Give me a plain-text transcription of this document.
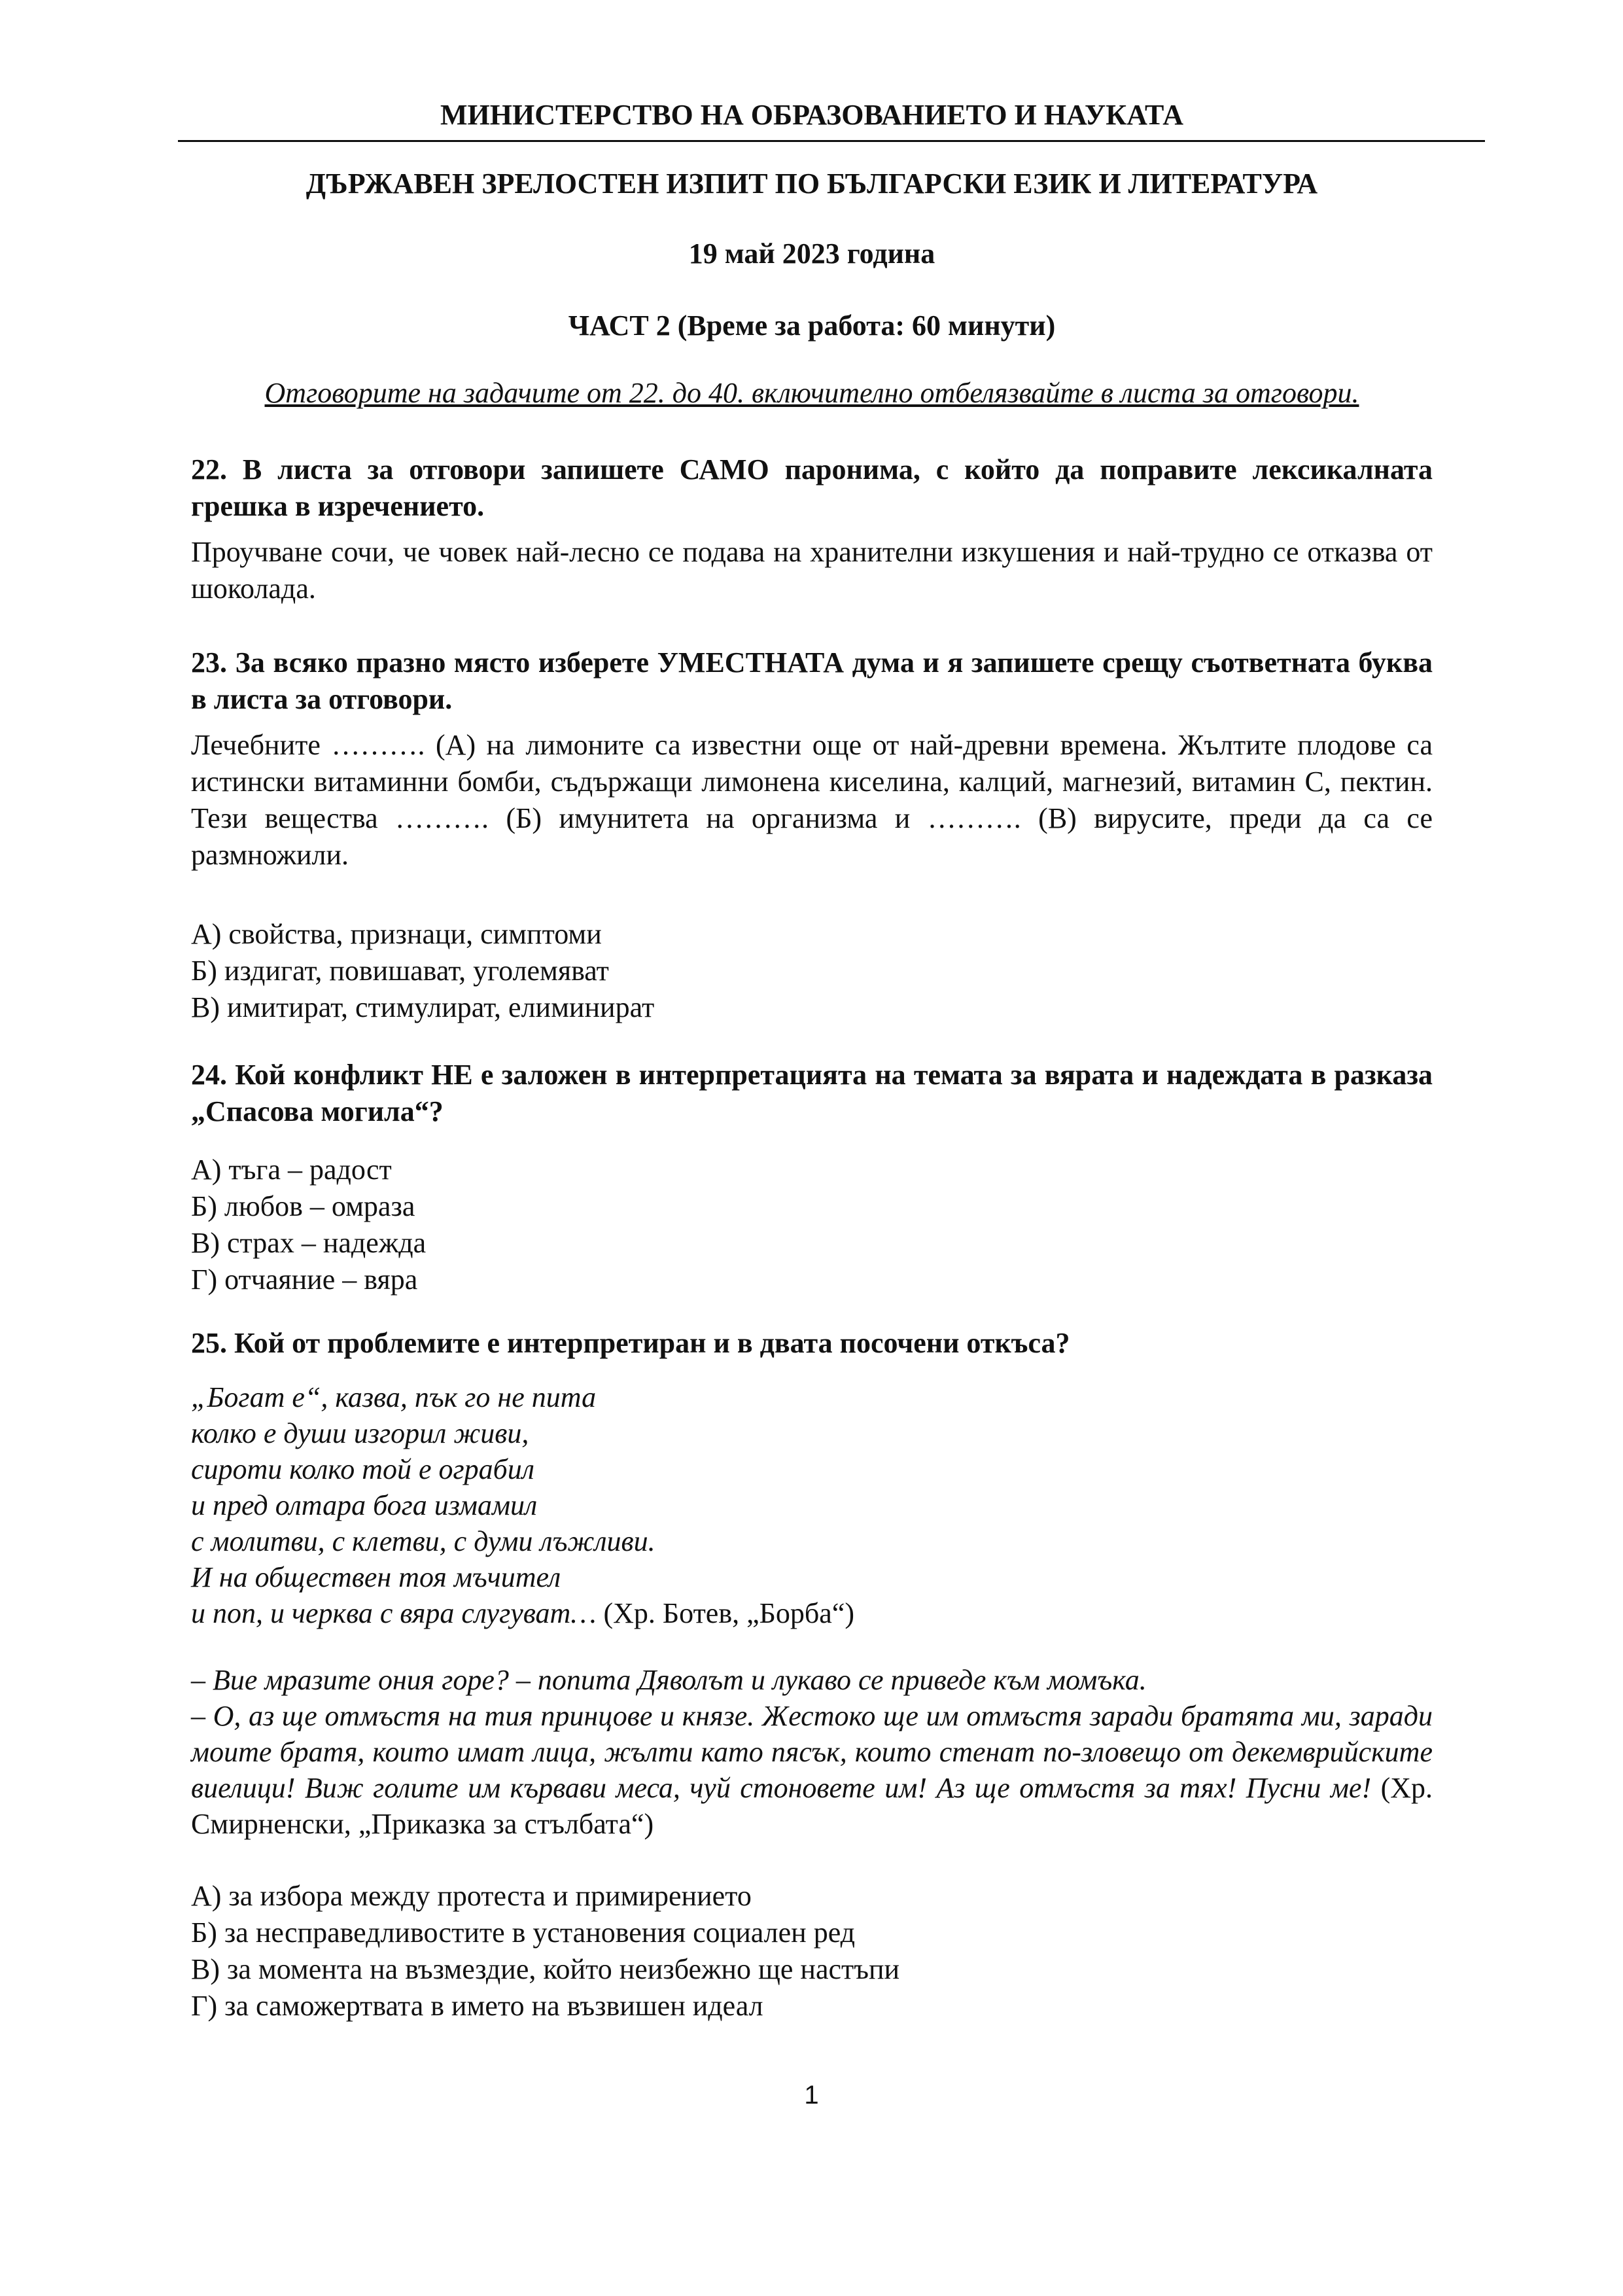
МИНИСТЕРСТВО НА ОБРАЗОВАНИЕТО И НАУКАТА
ДЪРЖАВЕН ЗРЕЛОСТЕН ИЗПИТ ПО БЪЛГАРСКИ ЕЗИК И ЛИТЕРАТУРА
19 май 2023 година
ЧАСТ 2 (Време за работа: 60 минути)
Отговорите на задачите от 22. до 40. включително отбелязвайте в листа за отговори.
22. В листа за отговори запишете САМО паронима, с който да поправите лексикалната грешка в изречението.
Проучване сочи, че човек най-лесно се подава на хранителни изкушения и най-трудно се отказва от шоколада.
23. За всяко празно място изберете УМЕСТНАТА дума и я запишете срещу съответната буква в листа за отговори.
Лечебните ………. (А) на лимоните са известни още от най-древни времена. Жълтите плодове са истински витаминни бомби, съдържащи лимонена киселина, калций, магнезий, витамин С, пектин. Тези вещества ………. (Б) имунитета на организма и ………. (В) вирусите, преди да са се размножили.
А) свойства, признаци, симптоми
Б) издигат, повишават, уголемяват
В) имитират, стимулират, елиминират
24. Кой конфликт НЕ е заложен в интерпретацията на темата за вярата и надеждата в разказа „Спасова могила“?
А) тъга – радост
Б) любов – омраза
В) страх – надежда
Г) отчаяние – вяра
25. Кой от проблемите е интерпретиран и в двата посочени откъса?
„Богат е“, казва, пък го не пита
колко е души изгорил живи,
сироти колко той е ограбил
и пред олтара бога измамил
с молитви, с клетви, с думи лъжливи.
И на обществен тоя мъчител
и поп, и черква с вяра слугуват… (Хр. Ботев, „Борба“)
– Вие мразите ония горе? – попита Дяволът и лукаво се приведе към момъка.
– О, аз ще отмъстя на тия принцове и князе. Жестоко ще им отмъстя заради братята ми, заради моите братя, които имат лица, жълти като пясък, които стенат по-зловещо от декемврийските виелици! Виж голите им кървави меса, чуй стоновете им! Аз ще отмъстя за тях! Пусни ме! (Хр. Смирненски, „Приказка за стълбата“)
А) за избора между протеста и примирението
Б) за несправедливостите в установения социален ред
В) за момента на възмездие, който неизбежно ще настъпи
Г) за саможертвата в името на възвишен идеал
1
